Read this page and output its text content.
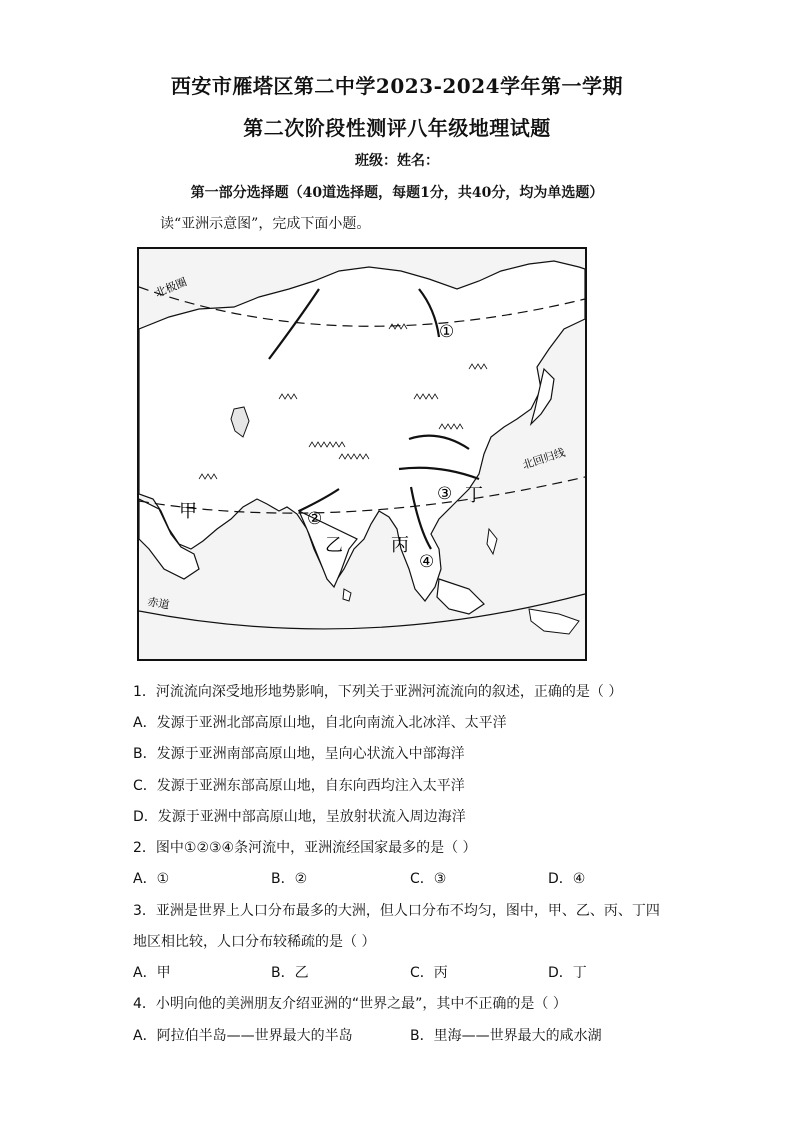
西安市雁塔区第二中学2023-2024学年第一学期
第二次阶段性测评八年级地理试题
班级：姓名：
第一部分选择题（40道选择题，每题1分，共40分，均为单选题）
读“亚洲示意图”，完成下面小题。
北极圈
北回归线
赤道
甲
乙	丙
丁
①
②
③
④
1．河流流向深受地形地势影响，下列关于亚洲河流流向的叙述，正确的是（ ）
A．发源于亚洲北部高原山地，自北向南流入北冰洋、太平洋
B．发源于亚洲南部高原山地，呈向心状流入中部海洋
C．发源于亚洲东部高原山地，自东向西均注入太平洋
D．发源于亚洲中部高原山地，呈放射状流入周边海洋
2．图中①②③④条河流中，亚洲流经国家最多的是（ ）
A．①	B．②	C．③	D．④
3．亚洲是世界上人口分布最多的大洲，但人口分布不均匀，图中，甲、乙、丙、丁四
地区相比较，人口分布较稀疏的是（ ）
A．甲	B．乙	C．丙	D．丁
4．小明向他的美洲朋友介绍亚洲的“世界之最”，其中不正确的是（ ）
A．阿拉伯半岛——世界最大的半岛	B．里海——世界最大的咸水湖
